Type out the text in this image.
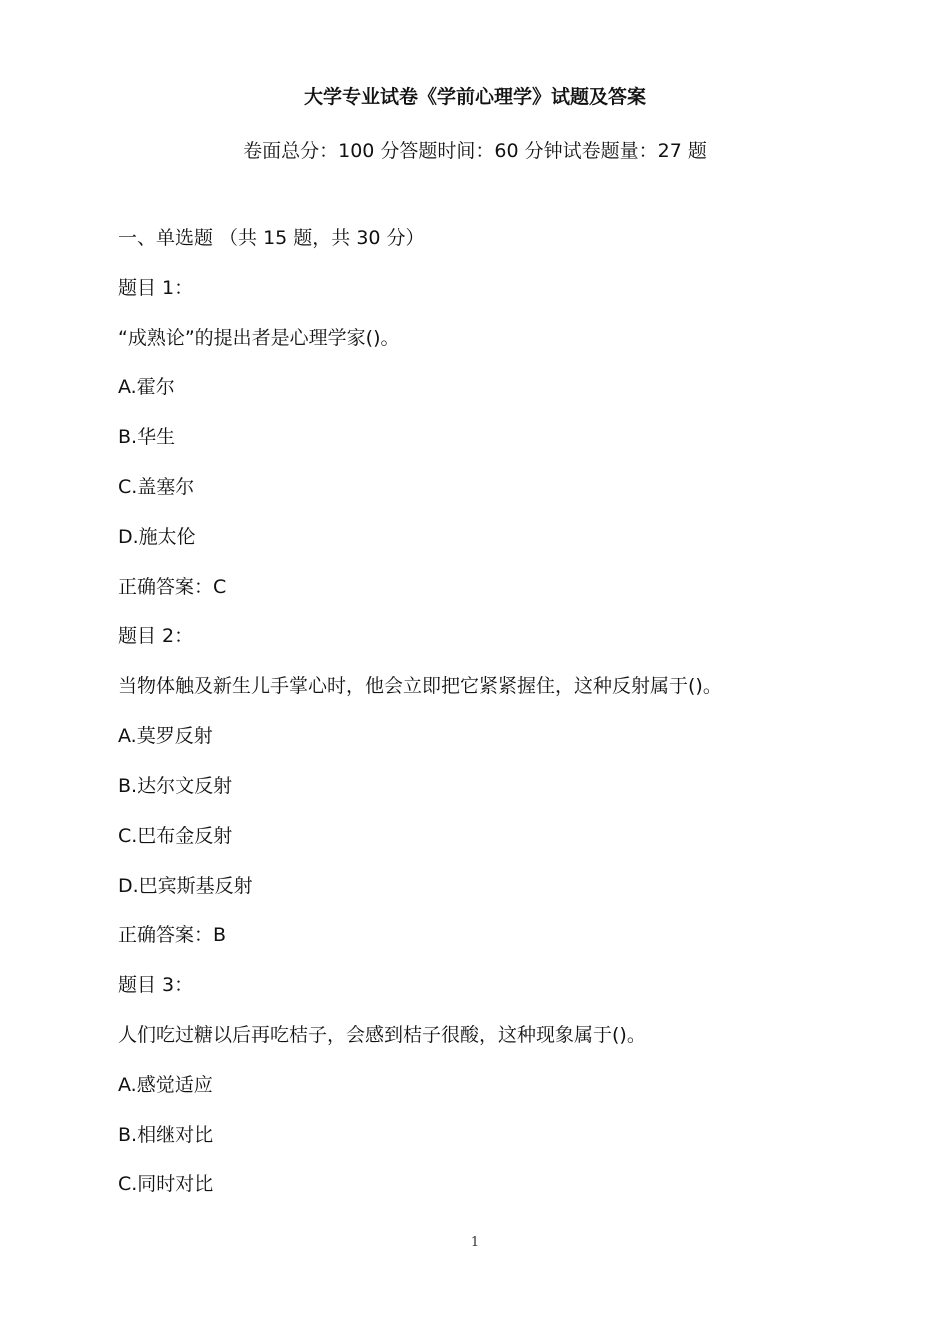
大学专业试卷《学前心理学》试题及答案
卷面总分：100 分答题时间：60 分钟试卷题量：27 题
一、单选题 （共 15 题，共 30 分）
题目 1：
“成熟论”的提出者是心理学家()。
A.霍尔
B.华生
C.盖塞尔
D.施太伦
正确答案：C
题目 2：
当物体触及新生儿手掌心时，他会立即把它紧紧握住，这种反射属于()。
A.莫罗反射
B.达尔文反射
C.巴布金反射
D.巴宾斯基反射
正确答案：B
题目 3：
人们吃过糖以后再吃桔子，会感到桔子很酸，这种现象属于()。
A.感觉适应
B.相继对比
C.同时对比
1
